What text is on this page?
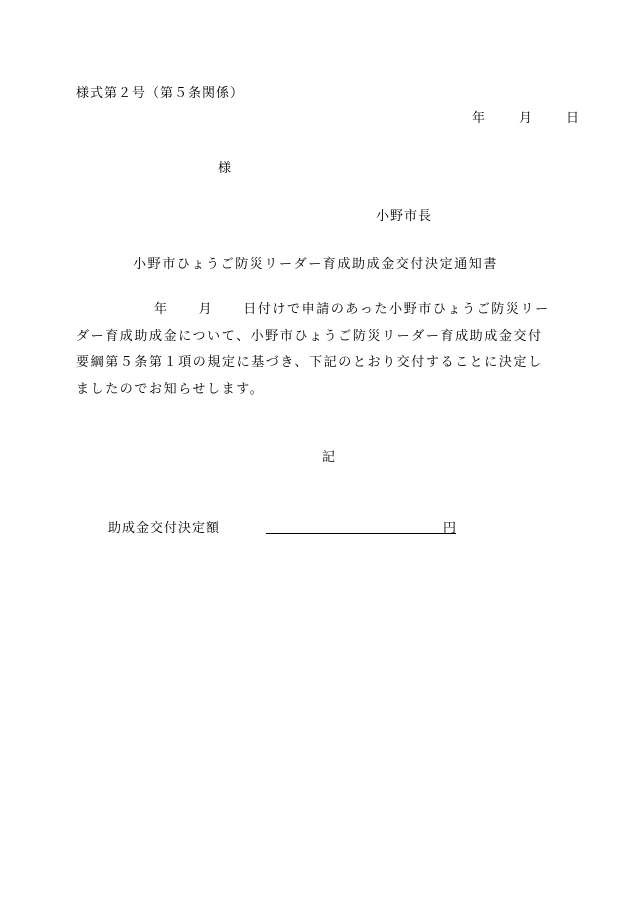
様式第２号（第５条関係）
年	月	日
様
小野市長
小野市ひょうご防災リーダー育成助成金交付決定通知書
年 月 日付けで申請のあった小野市ひょうご防災リー
ダー育成助成金について、小野市ひょうご防災リーダー育成助成金交付
要綱第５条第１項の規定に基づき、下記のとおり交付することに決定し
ましたのでお知らせします。
記
助成金交付決定額	円
